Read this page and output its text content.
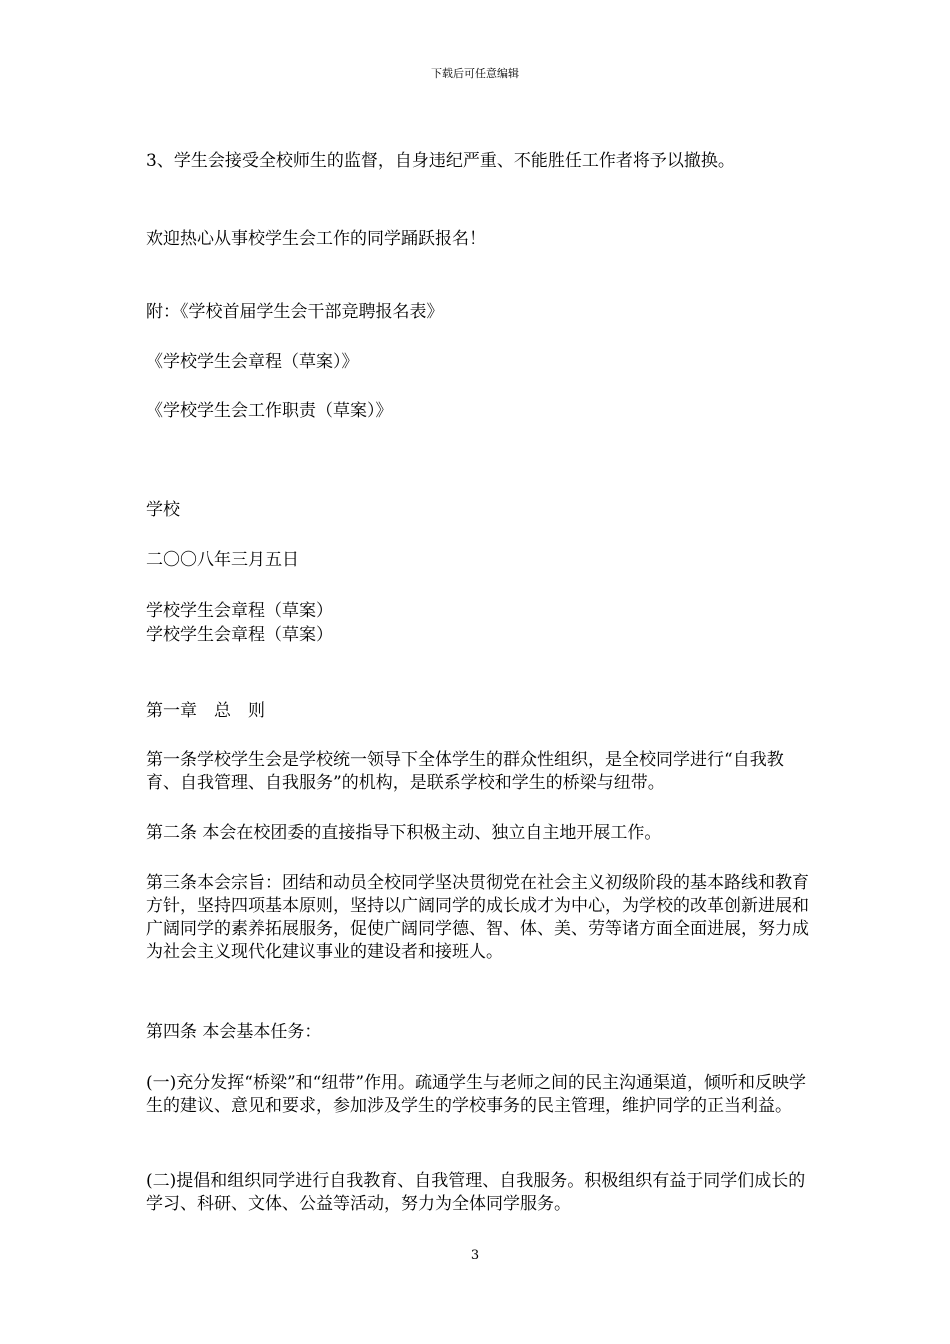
下载后可任意编辑
3、学生会接受全校师生的监督，自身违纪严重、不能胜任工作者将予以撤换。
欢迎热心从事校学生会工作的同学踊跃报名！
附：《学校首届学生会干部竞聘报名表》
《学校学生会章程（草案）》
《学校学生会工作职责（草案）》
学校
二〇〇八年三月五日
学校学生会章程（草案）
学校学生会章程（草案）
第一章　总　则
第一条学校学生会是学校统一领导下全体学生的群众性组织，是全校同学进行“自我教育、自我管理、自我服务”的机构，是联系学校和学生的桥梁与纽带。
第二条 本会在校团委的直接指导下积极主动、独立自主地开展工作。
第三条本会宗旨：团结和动员全校同学坚决贯彻党在社会主义初级阶段的基本路线和教育方针，坚持四项基本原则，坚持以广阔同学的成长成才为中心，为学校的改革创新进展和广阔同学的素养拓展服务，促使广阔同学德、智、体、美、劳等诸方面全面进展，努力成为社会主义现代化建议事业的建设者和接班人。
第四条 本会基本任务：
(一)充分发挥“桥梁”和“纽带”作用。疏通学生与老师之间的民主沟通渠道，倾听和反映学生的建议、意见和要求，参加涉及学生的学校事务的民主管理，维护同学的正当利益。
(二)提倡和组织同学进行自我教育、自我管理、自我服务。积极组织有益于同学们成长的学习、科研、文体、公益等活动，努力为全体同学服务。
3
